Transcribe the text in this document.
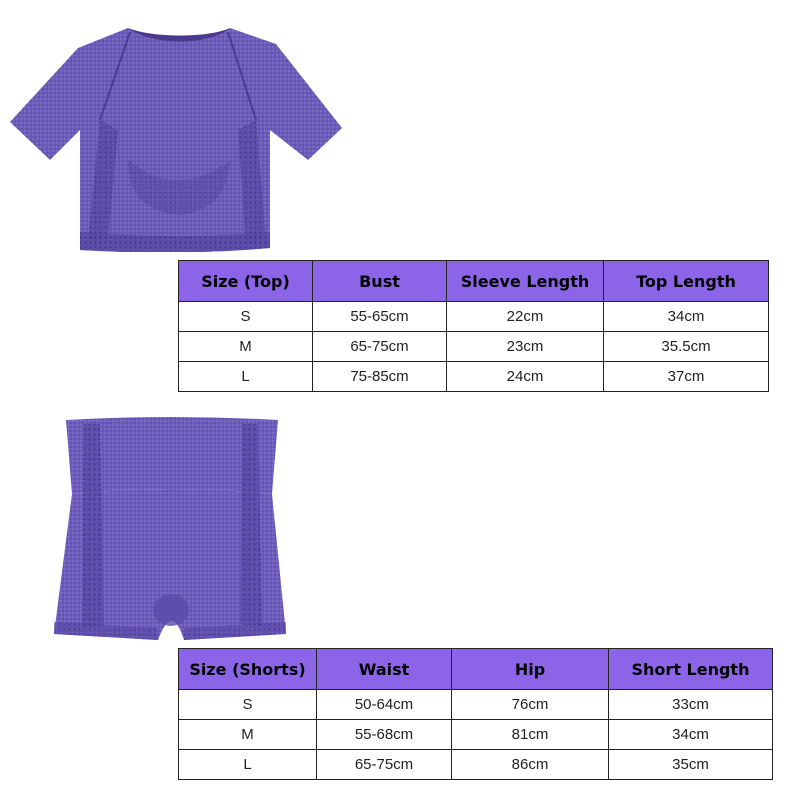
Size (Top)	Bust	Sleeve Length	Top Length
S	55-65cm	22cm	34cm
M	65-75cm	23cm	35.5cm
L	75-85cm	24cm	37cm
Size (Shorts)	Waist	Hip	Short Length
S	50-64cm	76cm	33cm
M	55-68cm	81cm	34cm
L	65-75cm	86cm	35cm
